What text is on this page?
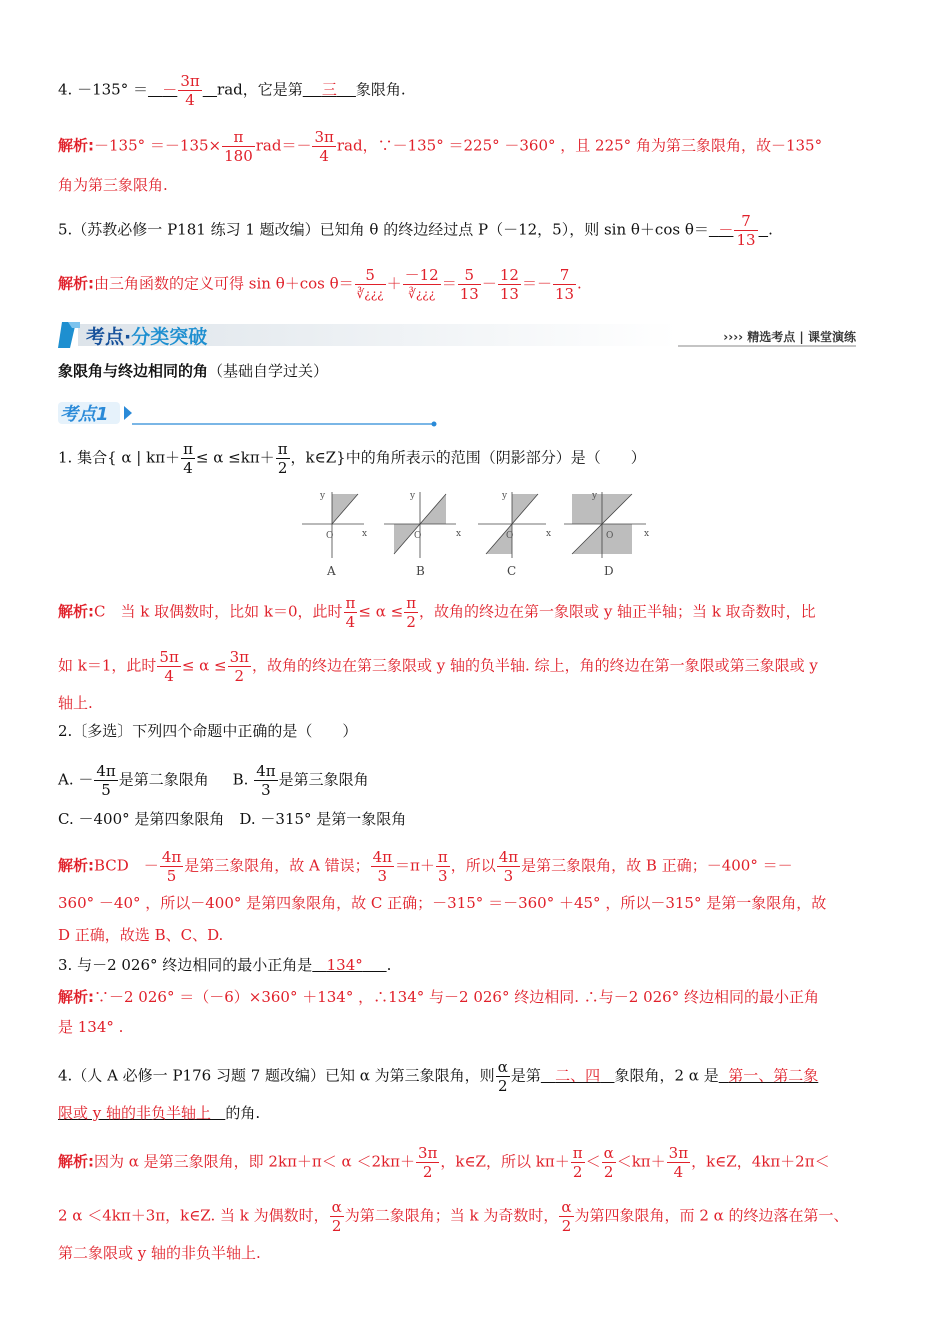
4. －135° ＝ － $\frac{3\pi}{4}$ rad，它是第 三 象限角.
解析:－135° $=-135\times \frac{\pi}{180} rad=- \frac{3\pi}{4}$ rad，∵－135° ＝225° －360° ，且 225° 角为第三象限角，故－135°
角为第三象限角.
5.（苏教必修一 P181 练习 1 题改编）已知角 θ 的终边经过点 P（－12，5），则 sin θ＋cos $\theta= - \frac{7}{13}$ .
解析:由三角函数的定义可得 sin θ＋cos $\theta= \frac{5}{∛¿¿¿} + \frac{-12}{∛¿¿¿} = \frac{5}{13} - \frac{12}{13} =- \frac{7}{13}$ .
考点·分类突破	›››› 精选考点 | 课堂演练
象限角与终边相同的角（基础自学过关）
考点1
1. 集合{ α | $k\pi+ \frac{\pi}{4} \le \alpha \le k\pi+ \frac{\pi}{2}$ ，k∈Z}中的角所表示的范围（阴影部分）是（　　）
y
x
O
y
x
O
y
x
O
y
x
O
A	B	C	D
解析:C　当 k 取偶数时，比如 k＝0，此时 $\frac{\pi}{4} \le \alpha \le \frac{\pi}{2}$ ，故角的终边在第一象限或 y 轴正半轴；当 k 取奇数时，比
如 k＝1，此时 $\frac{5\pi}{4} \le \alpha \le \frac{3\pi}{2}$ ，故角的终边在第三象限或 y 轴的负半轴. 综上，角的终边在第一象限或第三象限或 y
轴上.
2.〔多选〕下列四个命题中正确的是（　　）
A. － $\frac{4\pi}{5}$ 是第二象限角 B. $\frac{4\pi}{3}$ 是第三象限角
C. －400° 是第四象限角　D. －315° 是第一象限角
解析:BCD　－ $\frac{4\pi}{5}$ 是第三象限角，故 A 错误； $\frac{4\pi}{3} =\pi+ \frac{\pi}{3}$ ，所以 $\frac{4\pi}{3}$ 是第三象限角，故 B 正确；－400° ＝－
360° －40° ，所以－400° 是第四象限角，故 C 正确；－315° ＝－360° ＋45° ，所以－315° 是第一象限角，故
D 正确，故选 B、C、D.
3. 与－2 026° 终边相同的最小正角是 134° .
解析:∵－2 026° ＝（－6）×360° ＋134° ，∴134° 与－2 026° 终边相同. ∴与－2 026° 终边相同的最小正角
是 134° .
4.（人 A 必修一 P176 习题 7 题改编）已知 α 为第三象限角，则 $\frac{\alpha}{2}$ 是第 二、四 象限角，2 α 是 第一、第二象
限或 y 轴的非负半轴上 的角.
解析:因为 α 是第三象限角，即 $2k\pi+\pi< \alpha <2k\pi+ \frac{3\pi}{2}$ ，k∈Z，所以 $k\pi+ \frac{\pi}{2} < \frac{\alpha}{2} <k\pi+ \frac{3\pi}{4}$ ，k∈Z，4kπ＋2π＜
2 α ＜4kπ＋3π，k∈Z. 当 k 为偶数时， $\frac{\alpha}{2}$ 为第二象限角；当 k 为奇数时， $\frac{\alpha}{2}$ 为第四象限角，而 2 α 的终边落在第一、
第二象限或 y 轴的非负半轴上.
